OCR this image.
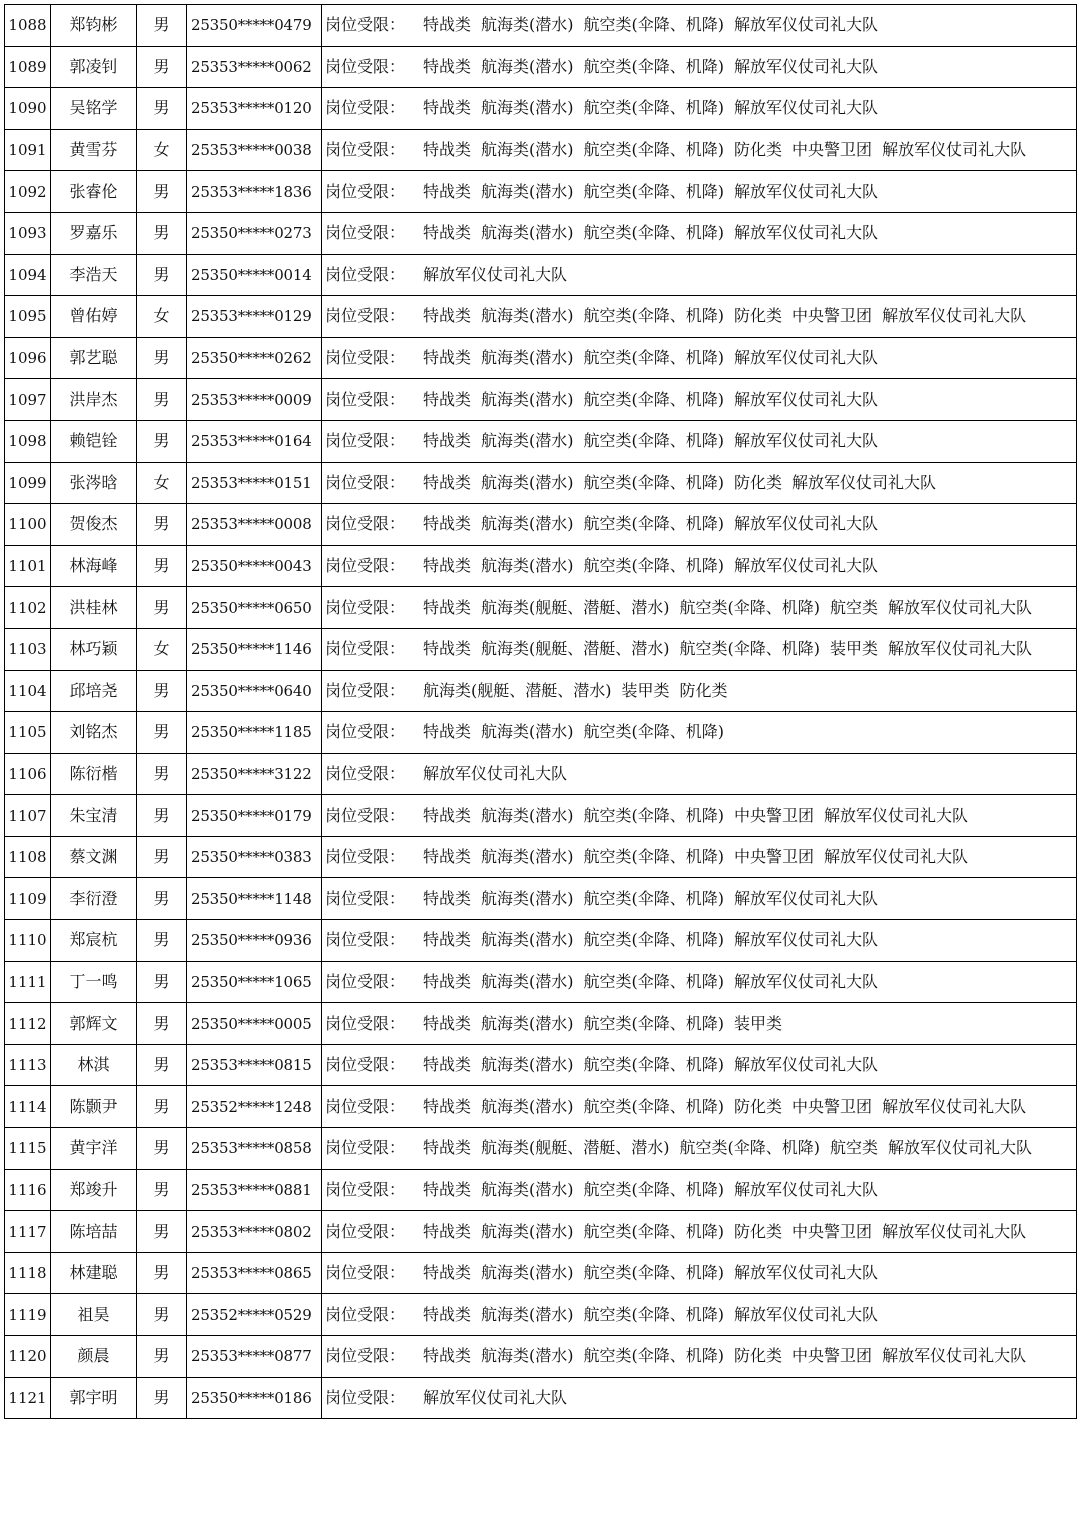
1088	郑钧彬	男	25350*****0479	岗位受限： 特战类 航海类(潜水) 航空类(伞降、机降) 解放军仪仗司礼大队
1089	郭凌钊	男	25353*****0062	岗位受限： 特战类 航海类(潜水) 航空类(伞降、机降) 解放军仪仗司礼大队
1090	吴铭学	男	25353*****0120	岗位受限： 特战类 航海类(潜水) 航空类(伞降、机降) 解放军仪仗司礼大队
1091	黄雪芬	女	25353*****0038	岗位受限： 特战类 航海类(潜水) 航空类(伞降、机降) 防化类 中央警卫团 解放军仪仗司礼大队
1092	张睿伦	男	25353*****1836	岗位受限： 特战类 航海类(潜水) 航空类(伞降、机降) 解放军仪仗司礼大队
1093	罗嘉乐	男	25350*****0273	岗位受限： 特战类 航海类(潜水) 航空类(伞降、机降) 解放军仪仗司礼大队
1094	李浩天	男	25350*****0014	岗位受限： 解放军仪仗司礼大队
1095	曾佑婷	女	25353*****0129	岗位受限： 特战类 航海类(潜水) 航空类(伞降、机降) 防化类 中央警卫团 解放军仪仗司礼大队
1096	郭艺聪	男	25350*****0262	岗位受限： 特战类 航海类(潜水) 航空类(伞降、机降) 解放军仪仗司礼大队
1097	洪岸杰	男	25353*****0009	岗位受限： 特战类 航海类(潜水) 航空类(伞降、机降) 解放军仪仗司礼大队
1098	赖铠铨	男	25353*****0164	岗位受限： 特战类 航海类(潜水) 航空类(伞降、机降) 解放军仪仗司礼大队
1099	张涔晗	女	25353*****0151	岗位受限： 特战类 航海类(潜水) 航空类(伞降、机降) 防化类 解放军仪仗司礼大队
1100	贺俊杰	男	25353*****0008	岗位受限： 特战类 航海类(潜水) 航空类(伞降、机降) 解放军仪仗司礼大队
1101	林海峰	男	25350*****0043	岗位受限： 特战类 航海类(潜水) 航空类(伞降、机降) 解放军仪仗司礼大队
1102	洪桂林	男	25350*****0650	岗位受限： 特战类 航海类(舰艇、潜艇、潜水) 航空类(伞降、机降) 航空类 解放军仪仗司礼大队
1103	林巧颖	女	25350*****1146	岗位受限： 特战类 航海类(舰艇、潜艇、潜水) 航空类(伞降、机降) 装甲类 解放军仪仗司礼大队
1104	邱培尧	男	25350*****0640	岗位受限： 航海类(舰艇、潜艇、潜水) 装甲类 防化类
1105	刘铭杰	男	25350*****1185	岗位受限： 特战类 航海类(潜水) 航空类(伞降、机降)
1106	陈衍楷	男	25350*****3122	岗位受限： 解放军仪仗司礼大队
1107	朱宝清	男	25350*****0179	岗位受限： 特战类 航海类(潜水) 航空类(伞降、机降) 中央警卫团 解放军仪仗司礼大队
1108	蔡文渊	男	25350*****0383	岗位受限： 特战类 航海类(潜水) 航空类(伞降、机降) 中央警卫团 解放军仪仗司礼大队
1109	李衍澄	男	25350*****1148	岗位受限： 特战类 航海类(潜水) 航空类(伞降、机降) 解放军仪仗司礼大队
1110	郑宸杭	男	25350*****0936	岗位受限： 特战类 航海类(潜水) 航空类(伞降、机降) 解放军仪仗司礼大队
1111	丁一鸣	男	25350*****1065	岗位受限： 特战类 航海类(潜水) 航空类(伞降、机降) 解放军仪仗司礼大队
1112	郭辉文	男	25350*****0005	岗位受限： 特战类 航海类(潜水) 航空类(伞降、机降) 装甲类
1113	林淇	男	25353*****0815	岗位受限： 特战类 航海类(潜水) 航空类(伞降、机降) 解放军仪仗司礼大队
1114	陈颢尹	男	25352*****1248	岗位受限： 特战类 航海类(潜水) 航空类(伞降、机降) 防化类 中央警卫团 解放军仪仗司礼大队
1115	黄宇洋	男	25353*****0858	岗位受限： 特战类 航海类(舰艇、潜艇、潜水) 航空类(伞降、机降) 航空类 解放军仪仗司礼大队
1116	郑竣升	男	25353*****0881	岗位受限： 特战类 航海类(潜水) 航空类(伞降、机降) 解放军仪仗司礼大队
1117	陈培喆	男	25353*****0802	岗位受限： 特战类 航海类(潜水) 航空类(伞降、机降) 防化类 中央警卫团 解放军仪仗司礼大队
1118	林建聪	男	25353*****0865	岗位受限： 特战类 航海类(潜水) 航空类(伞降、机降) 解放军仪仗司礼大队
1119	祖昊	男	25352*****0529	岗位受限： 特战类 航海类(潜水) 航空类(伞降、机降) 解放军仪仗司礼大队
1120	颜晨	男	25353*****0877	岗位受限： 特战类 航海类(潜水) 航空类(伞降、机降) 防化类 中央警卫团 解放军仪仗司礼大队
1121	郭宇明	男	25350*****0186	岗位受限： 解放军仪仗司礼大队
